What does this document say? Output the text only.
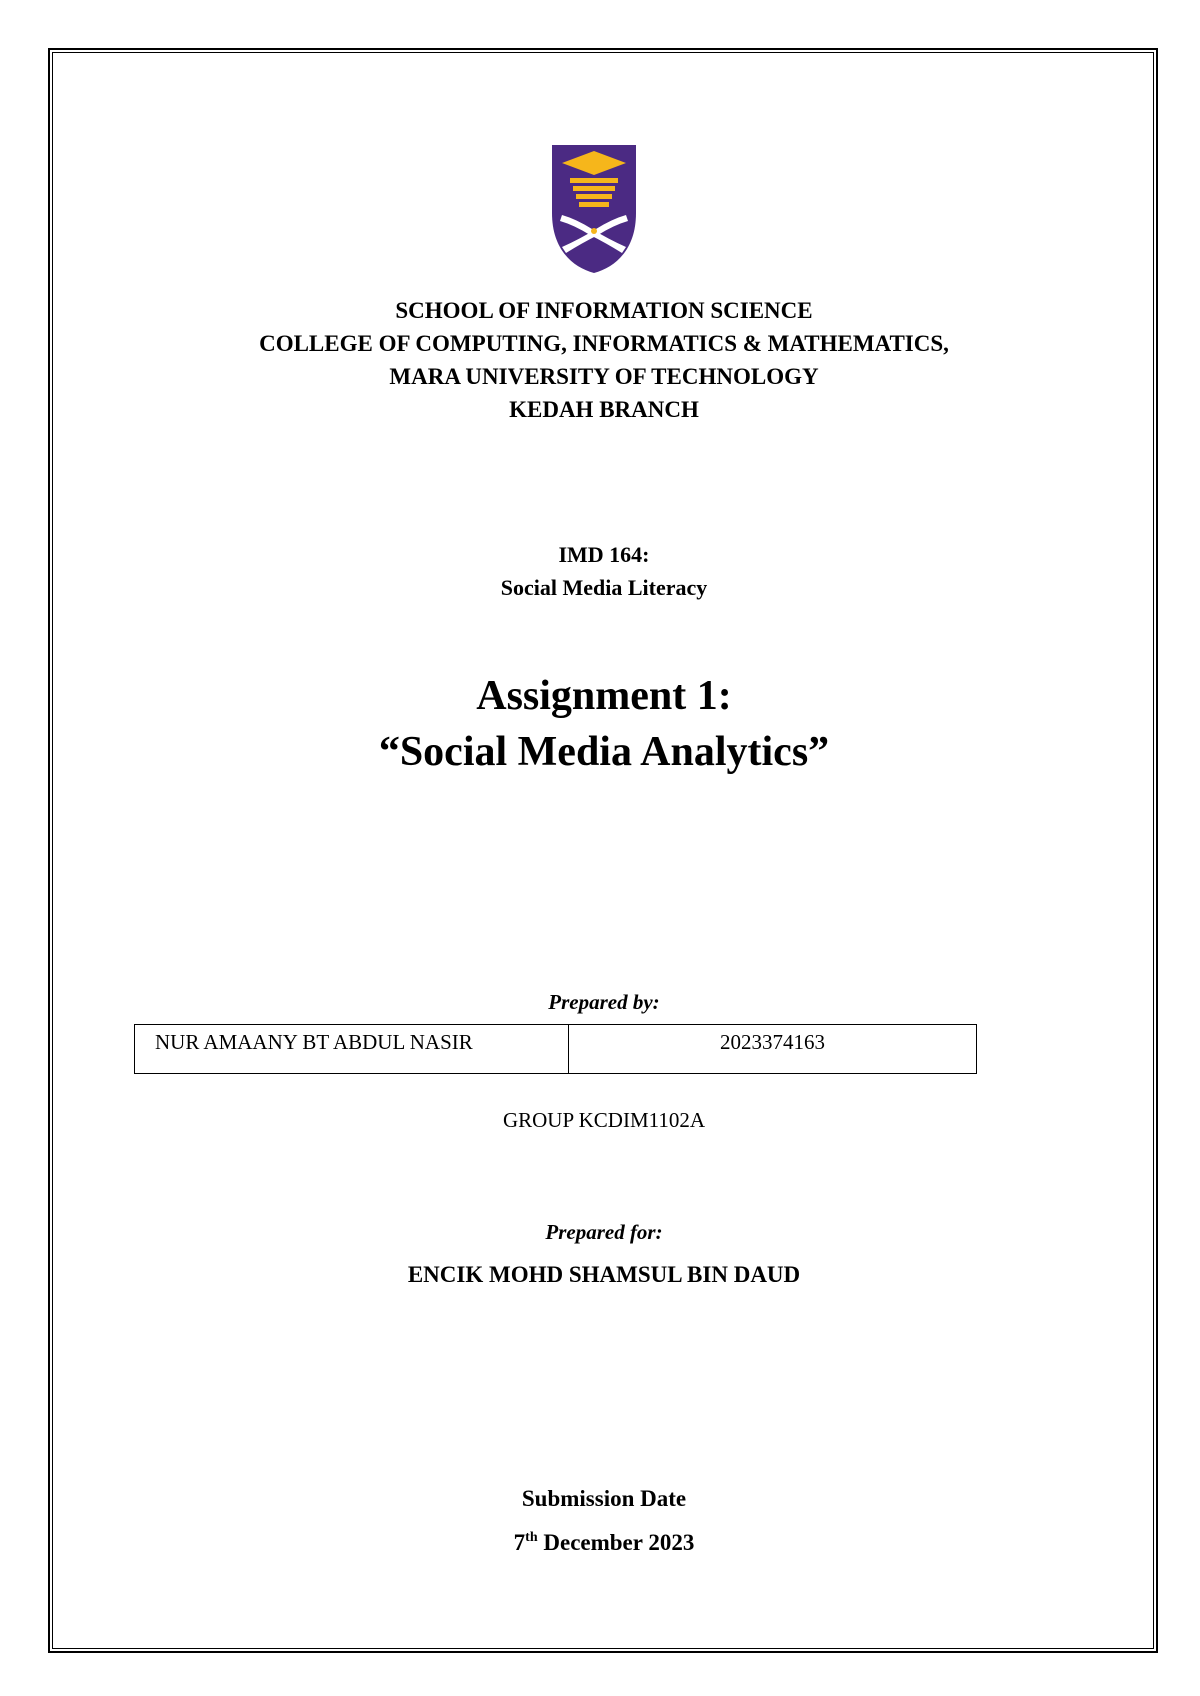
SCHOOL OF INFORMATION SCIENCE
COLLEGE OF COMPUTING, INFORMATICS & MATHEMATICS,
MARA UNIVERSITY OF TECHNOLOGY
KEDAH BRANCH
IMD 164:
Social Media Literacy
Assignment 1:
“Social Media Analytics”
Prepared by:
NUR AMAANY BT ABDUL NASIR	2023374163
GROUP KCDIM1102A
Prepared for:
ENCIK MOHD SHAMSUL BIN DAUD
Submission Date
7th December 2023
